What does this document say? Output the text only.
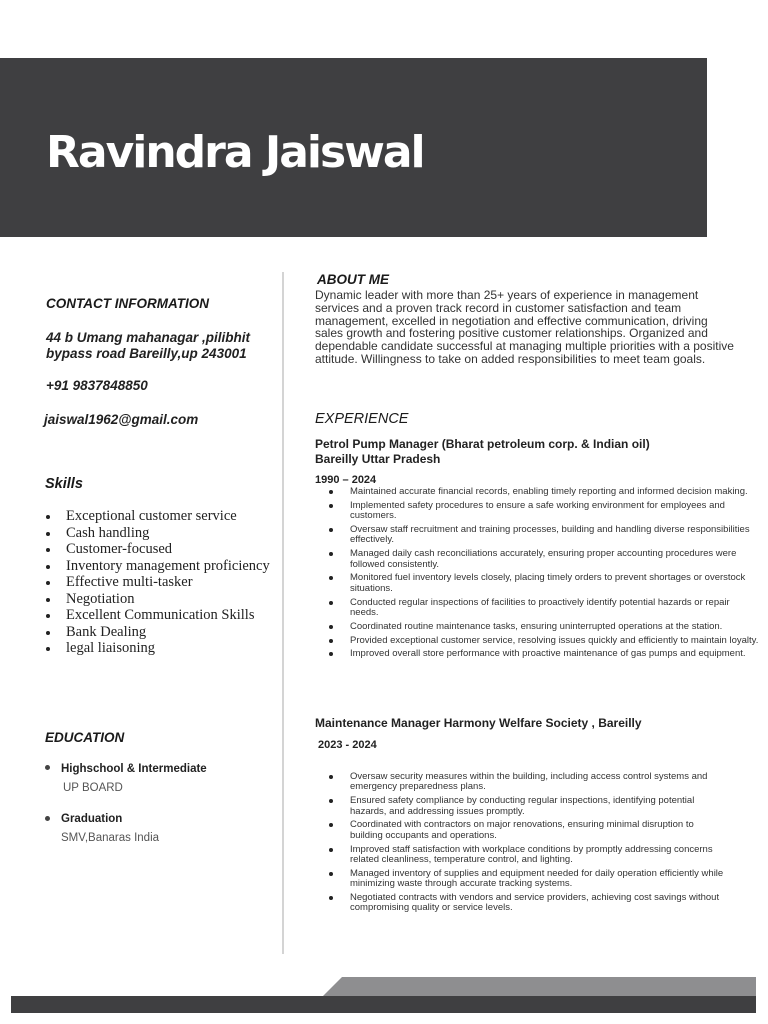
Ravindra Jaiswal

CONTACT INFORMATION

44 b Umang mahanagar ,pilibhit

bypass road Bareilly,up 243001

+91 9837848850

jaiswal1962@gmail.com

Skills

Exceptional customer service
Cash handling
Customer-focused
Inventory management proficiency
Effective multi-tasker
Negotiation
Excellent Communication Skills
Bank Dealing
legal liaisoning

EDUCATION

Highschool & Intermediate

UP BOARD

Graduation

SMV,Banaras India

ABOUT ME

Dynamic leader with more than 25+ years of experience in management services and a proven track record in customer satisfaction and team management, excelled in negotiation and effective communication, driving sales growth and fostering positive customer relationships. Organized and dependable candidate successful at managing multiple priorities with a positive attitude. Willingness to take on added responsibilities to meet team goals.

EXPERIENCE

Petrol Pump Manager (Bharat petroleum corp. & Indian oil)

Bareilly Uttar Pradesh

1990 – 2024

Maintained accurate financial records, enabling timely reporting and informed decision making.
Implemented safety procedures to ensure a safe working environment for employees and customers.
Oversaw staff recruitment and training processes, building and handling diverse responsibilities effectively.
Managed daily cash reconciliations accurately, ensuring proper accounting procedures were followed consistently.
Monitored fuel inventory levels closely, placing timely orders to prevent shortages or overstock situations.
Conducted regular inspections of facilities to proactively identify potential hazards or repair needs.
Coordinated routine maintenance tasks, ensuring uninterrupted operations at the station.
Provided exceptional customer service, resolving issues quickly and efficiently to maintain loyalty.
Improved overall store performance with proactive maintenance of gas pumps and equipment.

Maintenance Manager Harmony Welfare Society , Bareilly

2023 - 2024

Oversaw security measures within the building, including access control systems and emergency preparedness plans.
Ensured safety compliance by conducting regular inspections, identifying potential hazards, and addressing issues promptly.
Coordinated with contractors on major renovations, ensuring minimal disruption to building occupants and operations.
Improved staff satisfaction with workplace conditions by promptly addressing concerns related cleanliness, temperature control, and lighting.
Managed inventory of supplies and equipment needed for daily operation efficiently while minimizing waste through accurate tracking systems.
Negotiated contracts with vendors and service providers, achieving cost savings without compromising quality or service levels.
